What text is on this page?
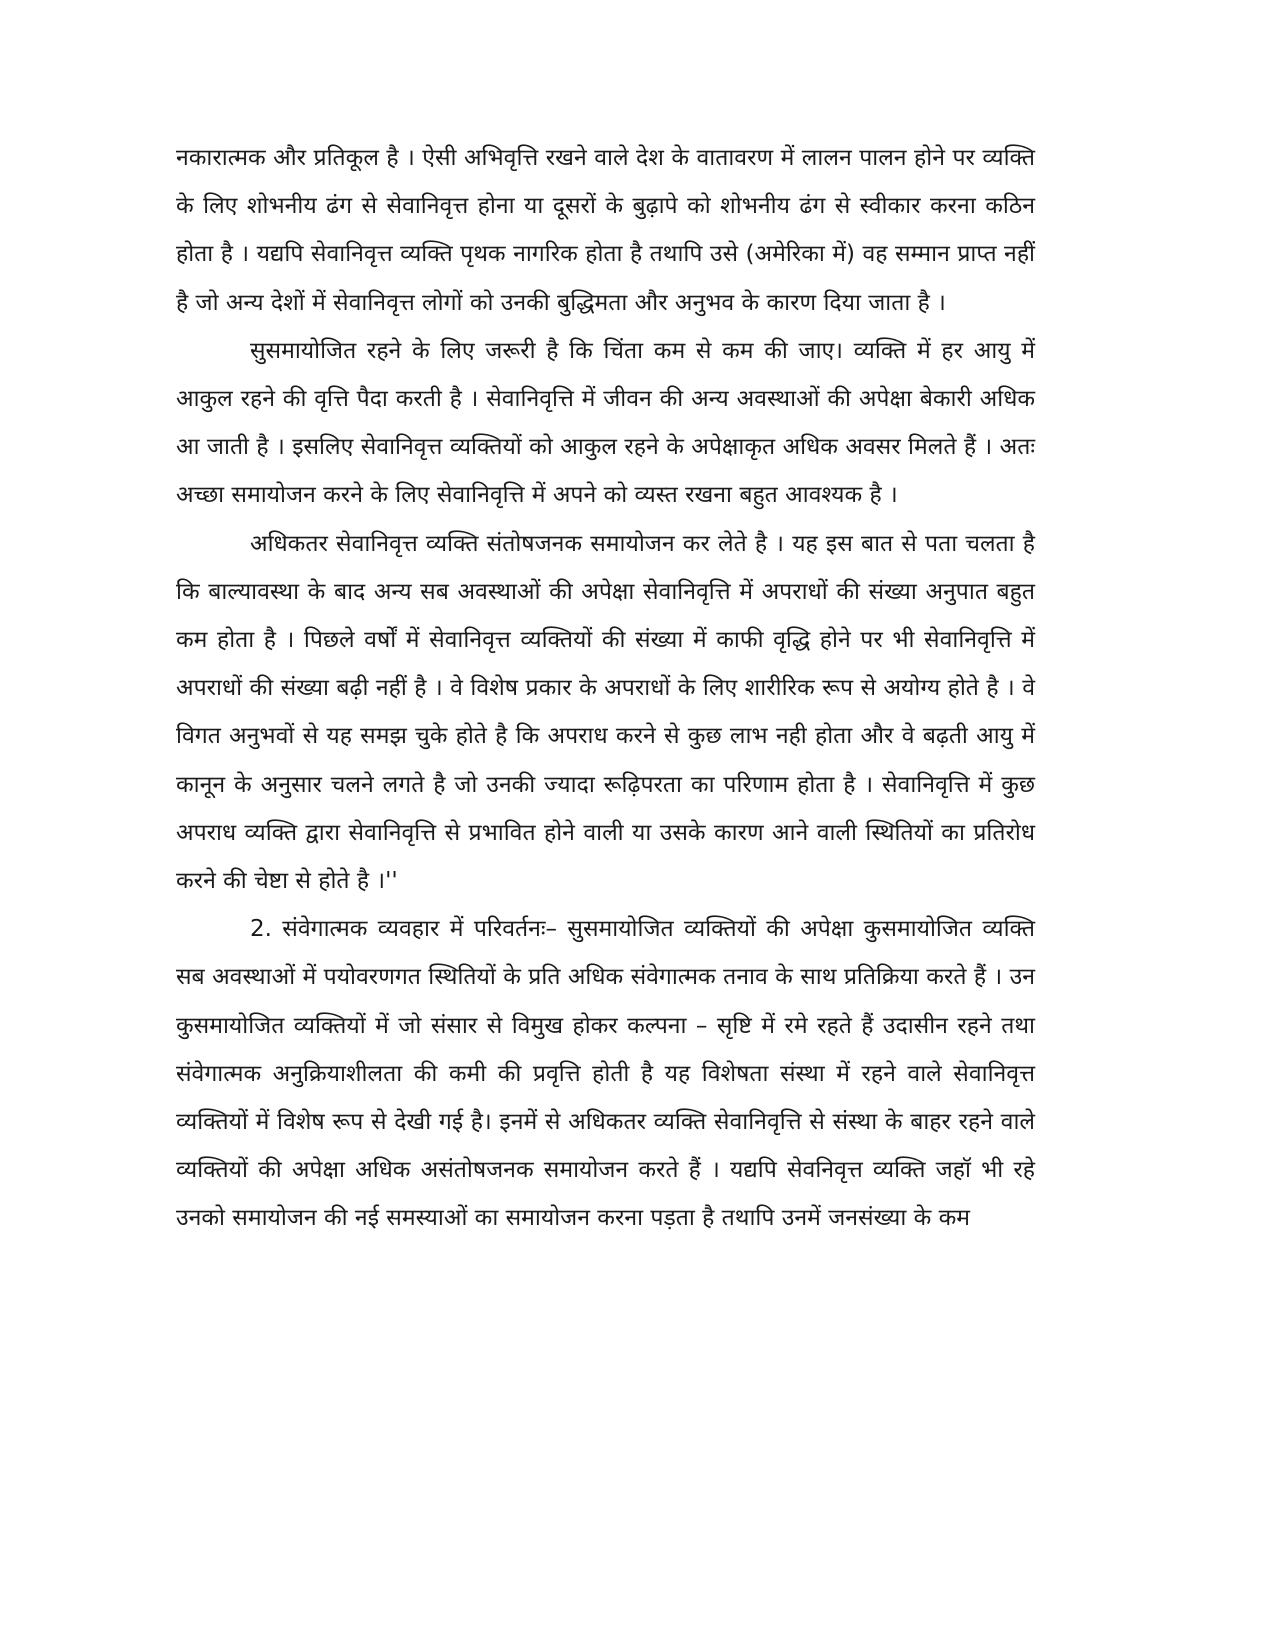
नकारात्मक और प्रतिकूल है । ऐसी अभिवृत्ति रखने वाले देश के वातावरण में लालन पालन होने पर व्यक्ति के लिए शोभनीय ढंग से सेवानिवृत्त होना या दूसरों के बुढ़ापे को शोभनीय ढंग से स्वीकार करना कठिन होता है । यद्यपि सेवानिवृत्त व्यक्ति पृथक नागरिक होता है तथापि उसे (अमेरिका में) वह सम्मान प्राप्त नहीं है जो अन्य देशों में सेवानिवृत्त लोगों को उनकी बुद्धिमता और अनुभव के कारण दिया जाता है ।

सुसमायोजित रहने के लिए जरूरी है कि चिंता कम से कम की जाए। व्यक्ति में हर आयु में आकुल रहने की वृत्ति पैदा करती है । सेवानिवृत्ति में जीवन की अन्य अवस्थाओं की अपेक्षा बेकारी अधिक आ जाती है । इसलिए सेवानिवृत्त व्यक्तियों को आकुल रहने के अपेक्षाकृत अधिक अवसर मिलते हैं । अतः अच्छा समायोजन करने के लिए सेवानिवृत्ति में अपने को व्यस्त रखना बहुत आवश्यक है ।

अधिकतर सेवानिवृत्त व्यक्ति संतोषजनक समायोजन कर लेते है । यह इस बात से पता चलता है कि बाल्यावस्था के बाद अन्य सब अवस्थाओं की अपेक्षा सेवानिवृत्ति में अपराधों की संख्या अनुपात बहुत कम होता है । पिछले वर्षों में सेवानिवृत्त व्यक्तियों की संख्या में काफी वृद्धि होने पर भी सेवानिवृत्ति में अपराधों की संख्या बढ़ी नहीं है । वे विशेष प्रकार के अपराधों के लिए शारीरिक रूप से अयोग्य होते है । वे विगत अनुभवों से यह समझ चुके होते है कि अपराध करने से कुछ लाभ नही होता और वे बढ़ती आयु में कानून के अनुसार चलने लगते है जो उनकी ज्यादा रूढ़िपरता का परिणाम होता है । सेवानिवृत्ति में कुछ अपराध व्यक्ति द्वारा सेवानिवृत्ति से प्रभावित होने वाली या उसके कारण आने वाली स्थितियों का प्रतिरोध करने की चेष्टा से होते है ।''

2. संवेगात्मक व्यवहार में परिवर्तनः– सुसमायोजित व्यक्तियों की अपेक्षा कुसमायोजित व्यक्ति सब अवस्थाओं में पयोवरणगत स्थितियों के प्रति अधिक संवेगात्मक तनाव के साथ प्रतिक्रिया करते हैं । उन कुसमायोजित व्यक्तियों में जो संसार से विमुख होकर कल्पना – सृष्टि में रमे रहते हैं उदासीन रहने तथा संवेगात्मक अनुक्रियाशीलता की कमी की प्रवृत्ति होती है यह विशेषता संस्था में रहने वाले सेवानिवृत्त व्यक्तियों में विशेष रूप से देखी गई है। इनमें से अधिकतर व्यक्ति सेवानिवृत्ति से संस्था के बाहर रहने वाले व्यक्तियों की अपेक्षा अधिक असंतोषजनक समायोजन करते हैं । यद्यपि सेवनिवृत्त व्यक्ति जहॉ भी रहे उनको समायोजन की नई समस्याओं का समायोजन करना पड़ता है तथापि उनमें जनसंख्या के कम
